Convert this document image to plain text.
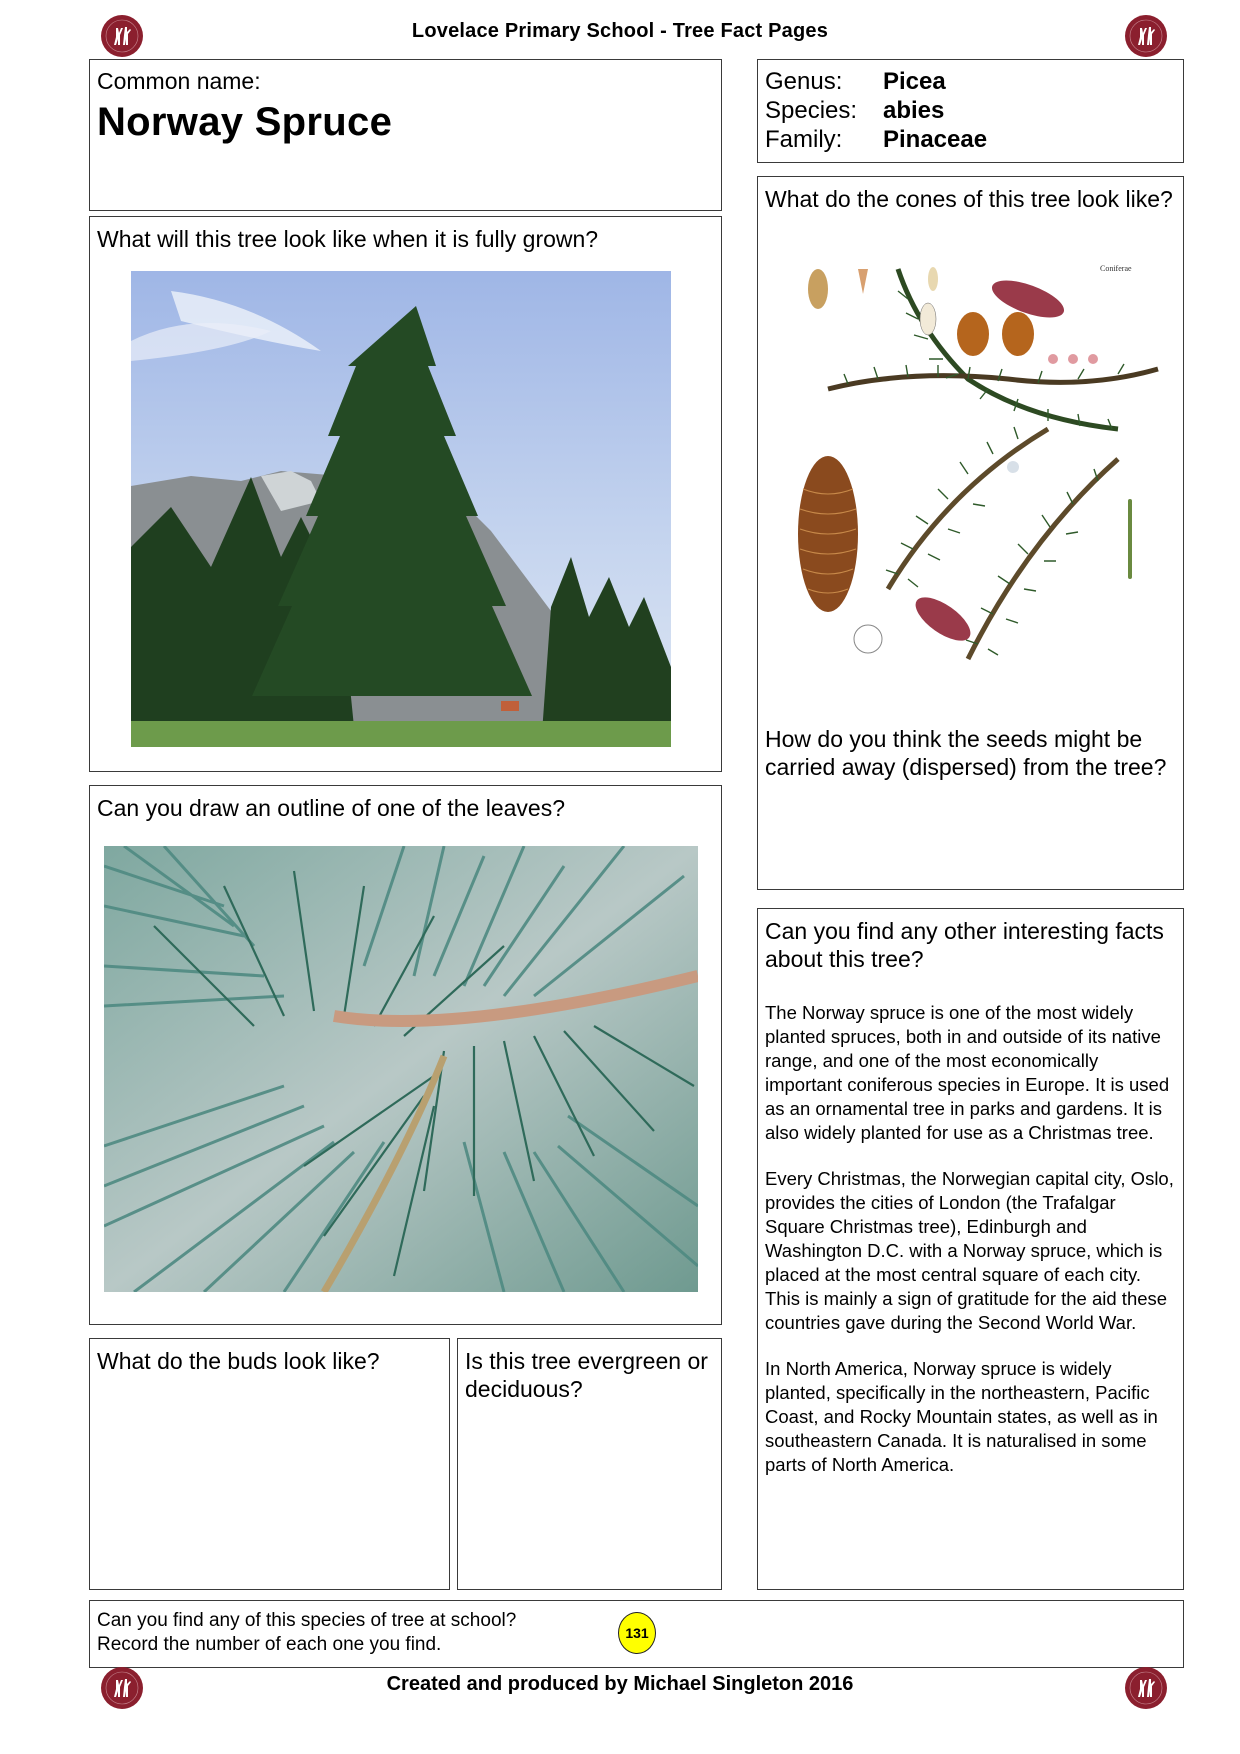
Lovelace Primary School - Tree Fact Pages
Common name:
Norway Spruce
Genus:	Picea
Species:	abies
Family:	Pinaceae
What will this tree look like when it is fully grown?
What do the cones of this tree look like?
Coniferae
How do you think the seeds might be carried away (dispersed) from the tree?
Can you draw an outline of one of the leaves?
What do the buds look like?	Is this tree evergreen or deciduous?
Can you find any other interesting facts about this tree?

The Norway spruce is one of the most widely planted spruces, both in and outside of its native range, and one of the most economically important coniferous species in Europe. It is used as an ornamental tree in parks and gardens. It is also widely planted for use as a Christmas tree.

Every Christmas, the Norwegian capital city, Oslo, provides the cities of London (the Trafalgar Square Christmas tree), Edinburgh and Washington D.C. with a Norway spruce, which is placed at the most central square of each city. This is mainly a sign of gratitude for the aid these countries gave during the Second World War.

In North America, Norway spruce is widely planted, specifically in the northeastern, Pacific Coast, and Rocky Mountain states, as well as in southeastern Canada. It is naturalised in some parts of North America.

Can you find any of this species of tree at school?
Record the number of each one you find.
131
Created and produced by Michael Singleton 2016
